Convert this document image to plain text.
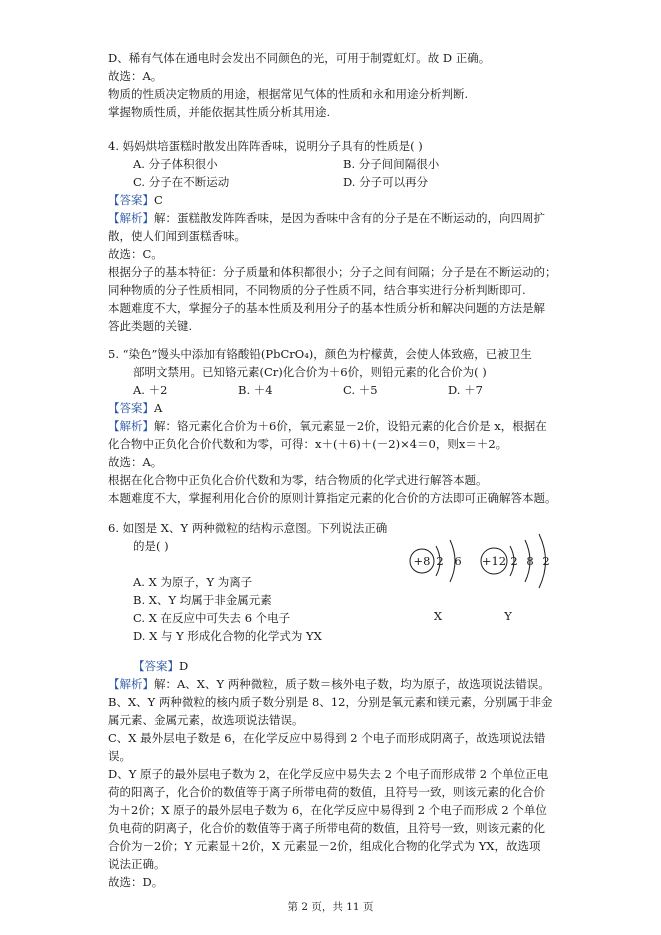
D、稀有气体在通电时会发出不同颜色的光，可用于制霓虹灯。故 D 正确。
故选：A。
物质的性质决定物质的用途，根据常见气体的性质和永和用途分析判断.
掌握物质性质，并能依据其性质分析其用途.
4. 妈妈烘培蛋糕时散发出阵阵香味，说明分子具有的性质是( )
A. 分子体积很小	B. 分子间间隔很小
C. 分子在不断运动	D. 分子可以再分
【答案】C
【解析】解：蛋糕散发阵阵香味，是因为香味中含有的分子是在不断运动的，向四周扩
散，使人们闻到蛋糕香味。
故选：C。
根据分子的基本特征：分子质量和体积都很小；分子之间有间隔；分子是在不断运动的；
同种物质的分子性质相同，不同物质的分子性质不同，结合事实进行分析判断即可.
本题难度不大，掌握分子的基本性质及利用分子的基本性质分析和解决问题的方法是解
答此类题的关键.
5. “染色”馒头中添加有铬酸铅(PbCrO₄)，颜色为柠檬黄，会使人体致癌，已被卫生
部明文禁用。已知铬元素(Cr)化合价为＋6价，则铅元素的化合价为( )
A. ＋2	B. ＋4	C. ＋5	D. ＋7
【答案】A
【解析】解：铬元素化合价为＋6价，氧元素显－2价，设铅元素的化合价是 x，根据在
化合物中正负化合价代数和为零，可得：x＋(＋6)＋(－2)×4＝0，则x＝＋2。
故选：A。
根据在化合物中正负化合价代数和为零，结合物质的化学式进行解答本题。
本题难度不大，掌握利用化合价的原则计算指定元素的化合价的方法即可正确解答本题。
6. 如图是 X、Y 两种微粒的结构示意图。下列说法正确
的是( )
A. X 为原子，Y 为离子
B. X、Y 均属于非金属元素
C. X 在反应中可失去 6 个电子
D. X 与 Y 形成化合物的化学式为 YX
+8 2 6
X
+12 2 8 2
Y
【答案】D
【解析】解：A、X、Y 两种微粒，质子数＝核外电子数，均为原子，故选项说法错误。
B、X、Y 两种微粒的核内质子数分别是 8、12，分别是氧元素和镁元素，分别属于非金
属元素、金属元素，故选项说法错误。
C、X 最外层电子数是 6，在化学反应中易得到 2 个电子而形成阴离子，故选项说法错
误。
D、Y 原子的最外层电子数为 2，在化学反应中易失去 2 个电子而形成带 2 个单位正电
荷的阳离子，化合价的数值等于离子所带电荷的数值，且符号一致，则该元素的化合价
为＋2价；X 原子的最外层电子数为 6，在化学反应中易得到 2 个电子而形成 2 个单位
负电荷的阴离子，化合价的数值等于离子所带电荷的数值，且符号一致，则该元素的化
合价为－2价；Y 元素显＋2价，X 元素显－2价，组成化合物的化学式为 YX，故选项
说法正确。
故选：D。
第 2 页，共 11 页
